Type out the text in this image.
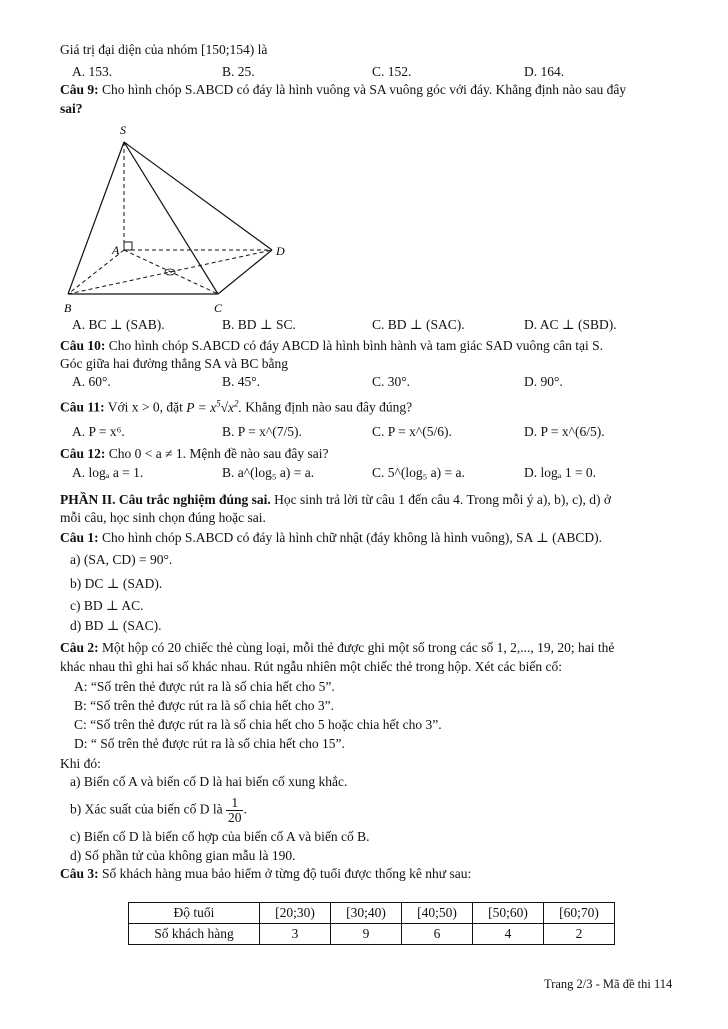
Giá trị đại diện của nhóm [150;154) là
A. 153.	B. 25.	C. 152.	D. 164.
Câu 9: Cho hình chóp S.ABCD có đáy là hình vuông và SA vuông góc với đáy. Khẳng định nào sau đây
sai?
S
A	D
B	C
A. BC ⊥ (SAB).	B. BD ⊥ SC.	C. BD ⊥ (SAC).	D. AC ⊥ (SBD).
Câu 10: Cho hình chóp S.ABCD có đáy ABCD là hình bình hành và tam giác SAD vuông cân tại S.
Góc giữa hai đường thẳng SA và BC bằng
A. 60°.	B. 45°.	C. 30°.	D. 90°.
Câu 11: Với x > 0, đặt $P = x^5√x^2$. Khẳng định nào sau đây đúng?
A. P = x⁶.	B. P = x^(7/5).	C. P = x^(5/6).	D. P = x^(6/5).
Câu 12: Cho 0 < a ≠ 1. Mệnh đề nào sau đây sai?
A. logₐ a = 1.	B. a^(log₅ a) = a.	C. 5^(log₅ a) = a.	D. logₐ 1 = 0.
PHẦN II. Câu trắc nghiệm đúng sai. Học sinh trả lời từ câu 1 đến câu 4. Trong mỗi ý a), b), c), d) ở
mỗi câu, học sinh chọn đúng hoặc sai.
Câu 1: Cho hình chóp S.ABCD có đáy là hình chữ nhật (đáy không là hình vuông), SA ⊥ (ABCD).
a) (SA, CD) = 90°.
b) DC ⊥ (SAD).
c) BD ⊥ AC.
d) BD ⊥ (SAC).
Câu 2: Một hộp có 20 chiếc thẻ cùng loại, mỗi thẻ được ghi một số trong các số 1, 2,..., 19, 20; hai thẻ
khác nhau thì ghi hai số khác nhau. Rút ngẫu nhiên một chiếc thẻ trong hộp. Xét các biến cố:
A: “Số trên thẻ được rút ra là số chia hết cho 5”.
B: “Số trên thẻ được rút ra là số chia hết cho 3”.
C: “Số trên thẻ được rút ra là số chia hết cho 5 hoặc chia hết cho 3”.
D: “ Số trên thẻ được rút ra là số chia hết cho 15”.
Khi đó:
a) Biến cố A và biến cố D là hai biến cố xung khắc.
b) Xác suất của biến cố D là $\frac{1}{20}$ .
c) Biến cố D là biến cố hợp của biến cố A và biến cố B.
d) Số phần tử của không gian mẫu là 190.
Câu 3: Số khách hàng mua bảo hiểm ở từng độ tuổi được thống kê như sau:
Độ tuổi	[20;30)	[30;40)	[40;50)	[50;60)	[60;70)
Số khách hàng	3	9	6	4	2
Trang 2/3 - Mã đề thi 114
